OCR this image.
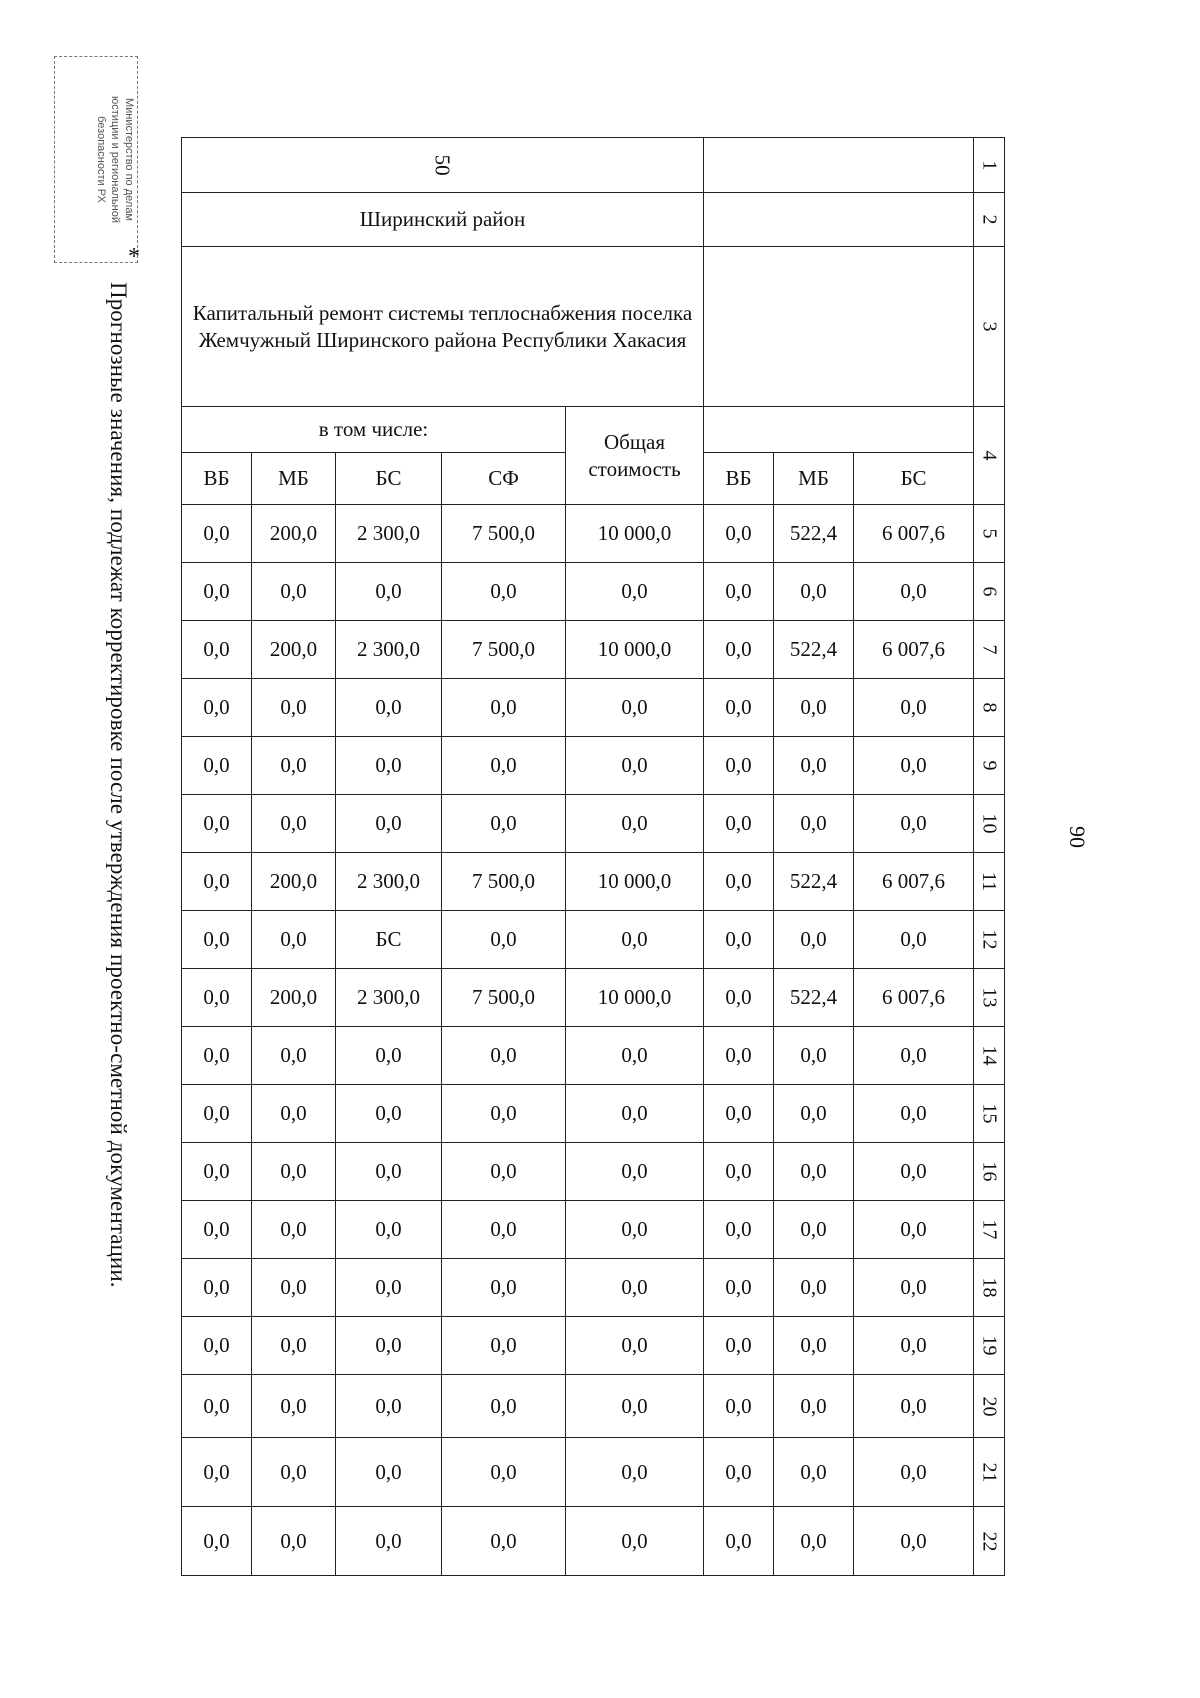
Министерство по делам
юстиции и региональной
безопасности РХ
*
Прогнозные значения, подлежат корректировке после утверждения проектно-сметной документации.	90
50								1
Ширинский район								2
Капитальный ремонт системы теплоснабжения поселка Жемчужный Ширинского района Республики Хакасия								3
в том числе:				Общая стоимость				4
ВБ	МБ	БС	СФ		ВБ	МБ	БС	
0,0	200,0	2 300,0	7 500,0	10 000,0	0,0	522,4	6 007,6	5
0,0	0,0	0,0	0,0	0,0	0,0	0,0	0,0	6
0,0	200,0	2 300,0	7 500,0	10 000,0	0,0	522,4	6 007,6	7
0,0	0,0	0,0	0,0	0,0	0,0	0,0	0,0	8
0,0	0,0	0,0	0,0	0,0	0,0	0,0	0,0	9
0,0	0,0	0,0	0,0	0,0	0,0	0,0	0,0	10
0,0	200,0	2 300,0	7 500,0	10 000,0	0,0	522,4	6 007,6	11
0,0	0,0	БС	0,0	0,0	0,0	0,0	0,0	12
0,0	200,0	2 300,0	7 500,0	10 000,0	0,0	522,4	6 007,6	13
0,0	0,0	0,0	0,0	0,0	0,0	0,0	0,0	14
0,0	0,0	0,0	0,0	0,0	0,0	0,0	0,0	15
0,0	0,0	0,0	0,0	0,0	0,0	0,0	0,0	16
0,0	0,0	0,0	0,0	0,0	0,0	0,0	0,0	17
0,0	0,0	0,0	0,0	0,0	0,0	0,0	0,0	18
0,0	0,0	0,0	0,0	0,0	0,0	0,0	0,0	19
0,0	0,0	0,0	0,0	0,0	0,0	0,0	0,0	20
0,0	0,0	0,0	0,0	0,0	0,0	0,0	0,0	21
0,0	0,0	0,0	0,0	0,0	0,0	0,0	0,0	22
